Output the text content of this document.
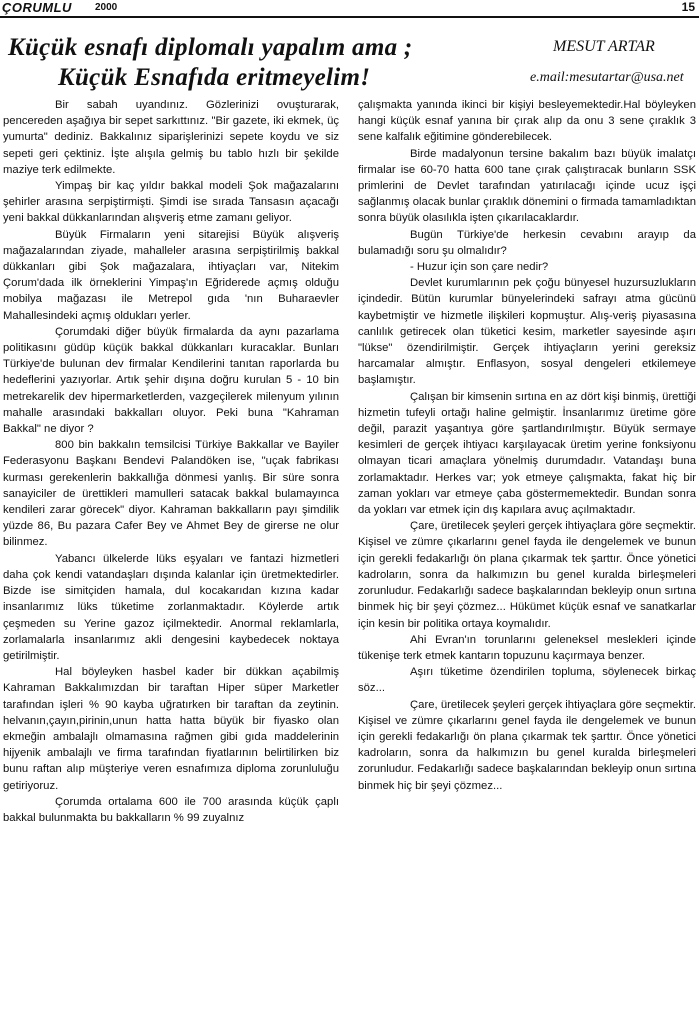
ÇORUMLU 2000	15
Küçük esnafı diplomalı yapalım ama ;
Küçük Esnafıda eritmeyelim!
MESUT ARTAR
e.mail:mesutartar@usa.net

Bir sabah uyandınız. Gözlerinizi ovuşturarak, pencereden aşağıya bir sepet sarkıttınız. "Bir gazete, iki ekmek, üç yumurta" dediniz. Bakkalınız siparişlerinizi sepete koydu ve siz sepeti geri çektiniz. İşte alışıla gelmiş bu tablo hızlı bir şekilde maziye terk edilmekte.

Yimpaş bir kaç yıldır bakkal modeli Şok mağazalarını şehirler arasına serpiştirmişti. Şimdi ise sırada Tansasın açacağı yeni bakkal dükkanlarından alışveriş etme zamanı geliyor.

Büyük Firmaların yeni sitarejisi Büyük alışveriş mağazalarından ziyade, mahalleler arasına serpiştirilmiş bakkal dükkanları gibi Şok mağazalara, ihtiyaçları var, Nitekim Çorum'dada ilk örneklerini Yimpaş'ın Eğriderede açmış olduğu mobilya mağazası ile Metrepol gıda 'nın Buharaevler Mahallesindeki açmış oldukları yerler.

Çorumdaki diğer büyük firmalarda da aynı pazarlama politikasını güdüp küçük bakkal dükkanları kuracaklar. Bunları Türkiye'de bulunan dev firmalar Kendilerini tanıtan raporlarda bu hedeflerini yazıyorlar. Artık şehir dışına doğru kurulan 5 - 10 bin metrekarelik dev hipermarketlerden, vazgeçilerek milenyum yılının mahalle arasındaki bakkalları oluyor. Peki buna "Kahraman Bakkal" ne diyor ?

800 bin bakkalın temsilcisi Türkiye Bakkallar ve Bayiler Federasyonu Başkanı Bendevi Palandöken ise, "uçak fabrikası kurması gerekenlerin bakkallığa dönmesi yanlış. Bir süre sonra sanayiciler de ürettikleri mamulleri satacak bakkal bulamayınca kendileri zarar görecek" diyor. Kahraman bakkalların payı şimdilik yüzde 86, Bu pazara Cafer Bey ve Ahmet Bey de girerse ne olur bilinmez.

Yabancı ülkelerde lüks eşyaları ve fantazi hizmetleri daha çok kendi vatandaşları dışında kalanlar için üretmektedirler. Bizde ise simitçiden hamala, dul kocakarıdan kızına kadar insanlarımız lüks tüketime zorlanmaktadır. Köylerde artık çeşmeden su Yerine gazoz içilmektedir. Anormal reklamlarla, zorlamalarla insanlarımız akli dengesini kaybedecek noktaya getirilmiştir.

Hal böyleyken hasbel kader bir dükkan açabilmiş Kahraman Bakkalımızdan bir taraftan Hiper süper Marketler tarafından işleri % 90 kayba uğratırken bir taraftan da zeytinin. helvanın,çayın,pirinin,unun hatta hatta büyük bir fiyasko olan ekmeğin ambalajlı olmamasına rağmen gibi gıda maddelerinin hijyenik ambalajlı ve firma tarafından fiyatlarının belirtilirken biz bunu raftan alıp müşteriye veren esnafımıza diploma zorunluluğu getiriyoruz.

Çorumda ortalama 600 ile 700 arasında küçük çaplı bakkal bulunmakta bu bakkalların % 99 zuyalnız

çalışmakta yanında ikinci bir kişiyi besleyemektedir.Hal böyleyken hangi küçük esnaf yanına bir çırak alıp da onu 3 sene çıraklık 3 sene kalfalık eğitimine gönderebilecek.

Birde madalyonun tersine bakalım bazı büyük imalatçı firmalar ise 60-70 hatta 600 tane çırak çalıştıracak bunların SSK primlerini de Devlet tarafından yatırılacağı içinde ucuz işçi sağlanmış olacak bunlar çıraklık dönemini o firmada tamamladıktan sonra büyük olasılıkla işten çıkarılacaklardır.

Bugün Türkiye'de herkesin cevabını arayıp da bulamadığı soru şu olmalıdır?

- Huzur için son çare nedir?

Devlet kurumlarının pek çoğu bünyesel huzursuzlukların içindedir. Bütün kurumlar bünyelerindeki safrayı atma gücünü kaybetmiştir ve hizmetle ilişkileri kopmuştur. Alış-veriş piyasasına canlılık getirecek olan tüketici kesim, marketler sayesinde aşırı "lükse" özendirilmiştir. Gerçek ihtiyaçların yerini gereksiz harcamalar almıştır. Enflasyon, sosyal dengeleri etkilemeye başlamıştır.

Çalışan bir kimsenin sırtına en az dört kişi binmiş, ürettiği hizmetin tufeyli ortağı haline gelmiştir. İnsanlarımız üretime göre değil, parazit yaşantıya göre şartlandırılmıştır. Büyük sermaye kesimleri de gerçek ihtiyacı karşılayacak üretim yerine fonksiyonu olmayan ticari amaçlara yönelmiş durumdadır. Vatandaşı buna zorlamaktadır. Herkes var; yok etmeye çalışmakta, fakat hiç bir zaman yokları var etmeye çaba göstermemektedir. Bundan sonra da yokları var etmek için dış kapılara avuç açılmaktadır.

Çare, üretilecek şeyleri gerçek ihtiyaçlara göre seçmektir. Kişisel ve zümre çıkarlarını genel fayda ile dengelemek ve bunun için gerekli fedakarlığı ön plana çıkarmak tek şarttır. Önce yönetici kadroların, sonra da halkımızın bu genel kuralda birleşmeleri zorunludur. Fedakarlığı sadece başkalarından bekleyip onun sırtına binmek hiç bir şeyi çözmez... Hükümet küçük esnaf ve sanatkarlar için kesin bir politika ortaya koymalıdır.

Ahi Evran'ın torunlarını geleneksel meslekleri içinde tükenişe terk etmek kantarın topuzunu kaçırmaya benzer.

Aşırı tüketime özendirilen topluma, söylenecek birkaç söz...

Çare, üretilecek şeyleri gerçek ihtiyaçlara göre seçmektir. Kişisel ve zümre çıkarlarını genel fayda ile dengelemek ve bunun için gerekli fedakarlığı ön plana çıkarmak tek şarttır. Önce yönetici kadroların, sonra da halkımızın bu genel kuralda birleşmeleri zorunludur. Fedakarlığı sadece başkalarından bekleyip onun sırtına binmek hiç bir şeyi çözmez...
